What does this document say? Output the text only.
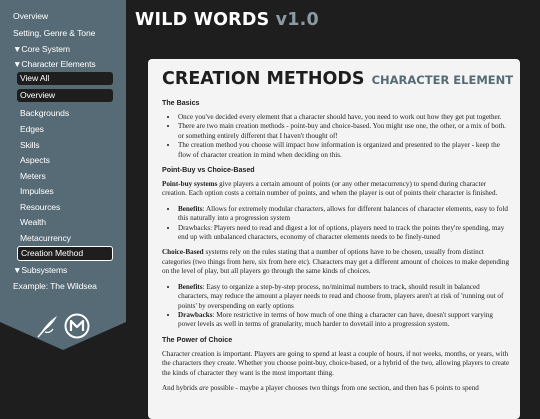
Overview
Setting, Genre & Tone
▼Core System
▼Character Elements
View All
Overview
Backgrounds
Edges
Skills
Aspects
Meters
Impulses
Resources
Wealth
Metacurrency
Creation Method
▼Subsystems
Example: The Wildsea
WILD WORDS v1.0
CREATION METHODS CHARACTER ELEMENT
The Basics
• Once you've decided every element that a character should have, you need to work out how they get put together.
• There are two main creation methods - point-buy and choice-based. You might use one, the other, or a mix of both. or something entirely different that I haven't thought of!
• The creation method you choose will impact how information is organized and presented to the player - keep the flow of character creation in mind when deciding on this.
Point-Buy vs Choice-Based

Point-buy systems give players a certain amount of points (or any other metacurrency) to spend during character creation. Each option costs a certain number of points, and when the player is out of points their character is finished.

• Benefits: Allows for extremely modular characters, allows for different balances of character elements, easy to fold this naturally into a progression system
• Drawbacks: Players need to read and digest a lot of options, players need to track the points they're spending, may end up with unbalanced characters, economy of character elements needs to be finely-tuned

Choice-Based systems rely on the rules stating that a number of options have to be chosen, usually from distinct categories (two things from here, six from here etc). Characters may get a different amount of choices to make depending on the level of play, but all players go through the same kinds of choices.

• Benefits: Easy to organize a step-by-step process, no/minimal numbers to track, should result in balanced characters, may reduce the amount a player needs to read and choose from, players aren't at risk of 'running out of points' by overspending on early options
• Drawbacks: More restrictive in terms of how much of one thing a character can have, doesn't support varying power levels as well in terms of granularity, much harder to dovetail into a progression system.
The Power of Choice

Character creation is important. Players are going to spend at least a couple of hours, if not weeks, months, or years, with the characters they create. Whether you choose point-buy, choice-based, or a hybrid of the two, allowing players to create the kinds of character they want is the most important thing.

And hybrids are possible - maybe a player chooses two things from one section, and then has 6 points to spend
